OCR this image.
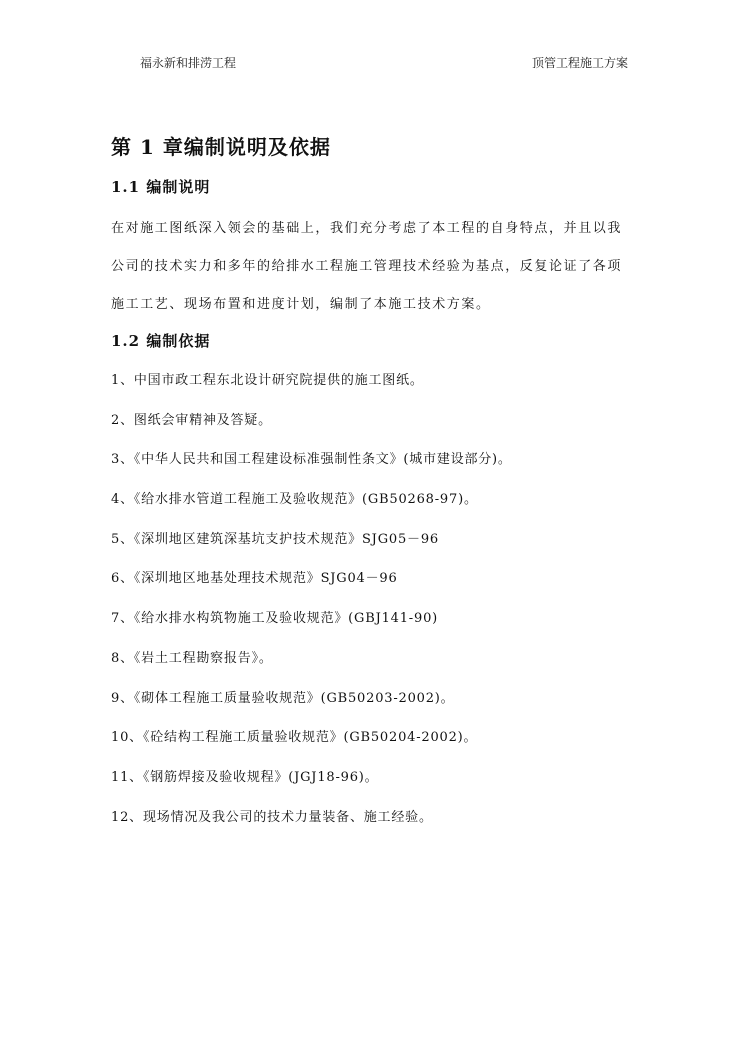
福永新和排涝工程	顶管工程施工方案
第 1 章编制说明及依据
1.1 编制说明

在对施工图纸深入领会的基础上，我们充分考虑了本工程的自身特点，并且以我
公司的技术实力和多年的给排水工程施工管理技术经验为基点，反复论证了各项
施工工艺、现场布置和进度计划，编制了本施工技术方案。

1.2 编制依据
1、中国市政工程东北设计研究院提供的施工图纸。
2、图纸会审精神及答疑。
3、《中华人民共和国工程建设标准强制性条文》(城市建设部分)。
4、《给水排水管道工程施工及验收规范》(GB50268-97)。
5、《深圳地区建筑深基坑支护技术规范》SJG05－96
6、《深圳地区地基处理技术规范》SJG04－96
7、《给水排水构筑物施工及验收规范》(GBJ141-90)
8、《岩土工程勘察报告》。
9、《砌体工程施工质量验收规范》(GB50203-2002)。
10、《砼结构工程施工质量验收规范》(GB50204-2002)。
11、《钢筋焊接及验收规程》(JGJ18-96)。
12、现场情况及我公司的技术力量装备、施工经验。
